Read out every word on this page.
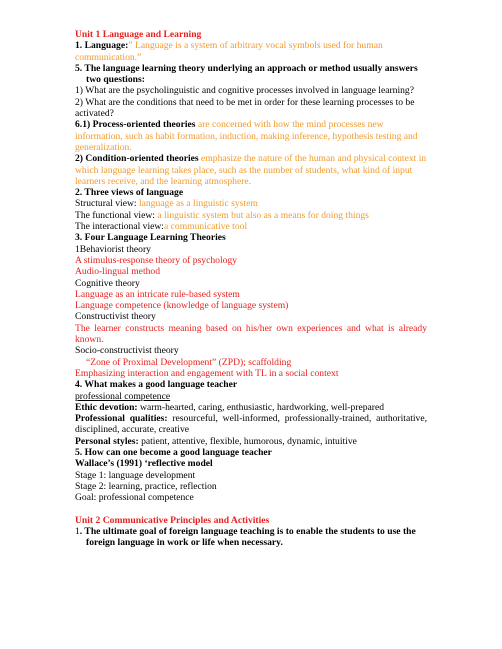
Unit 1 Language and Learning
1. Language:” Language is a system of arbitrary vocal symbols used for human communication.”
5. The language learning theory underlying an approach or method usually answers two questions:
1) What are the psycholinguistic and cognitive processes involved in language learning?
2) What are the conditions that need to be met in order for these learning processes to be activated?
6.1) Process-oriented theories are concerned with how the mind processes new information, such as habit formation, induction, making inference, hypothesis testing and generalization.
2) Condition-oriented theories emphasize the nature of the human and physical context in which language learning takes place, such as the number of students, what kind of input learners receive, and the learning atmosphere.
2. Three views of language
Structural view: language as a linguistic system
The functional view: a linguistic system but also as a means for doing things
The interactional view:a communicative tool
3. Four Language Learning Theories
1Behaviorist theory
A stimulus-response theory of psychology
Audio-lingual method
Cognitive theory
Language as an intricate rule-based system
Language competence (knowledge of language system)
Constructivist theory
The learner constructs meaning based on his/her own experiences and what is already known.
Socio-constructivist theory
“Zone of Proximal Development” (ZPD); scaffolding
Emphasizing interaction and engagement with TL in a social context
4. What makes a good language teacher
professional competence
Ethic devotion: warm-hearted, caring, enthusiastic, hardworking, well-prepared
Professional qualities: resourceful, well-informed, professionally-trained, authoritative, disciplined, accurate, creative
Personal styles: patient, attentive, flexible, humorous, dynamic, intuitive
5. How can one become a good language teacher
Wallace’s (1991) ‘reflective model
Stage 1: language development
Stage 2: learning, practice, reflection
Goal: professional competence
Unit 2 Communicative Principles and Activities
1. The ultimate goal of foreign language teaching is to enable the students to use the foreign language in work or life when necessary.
